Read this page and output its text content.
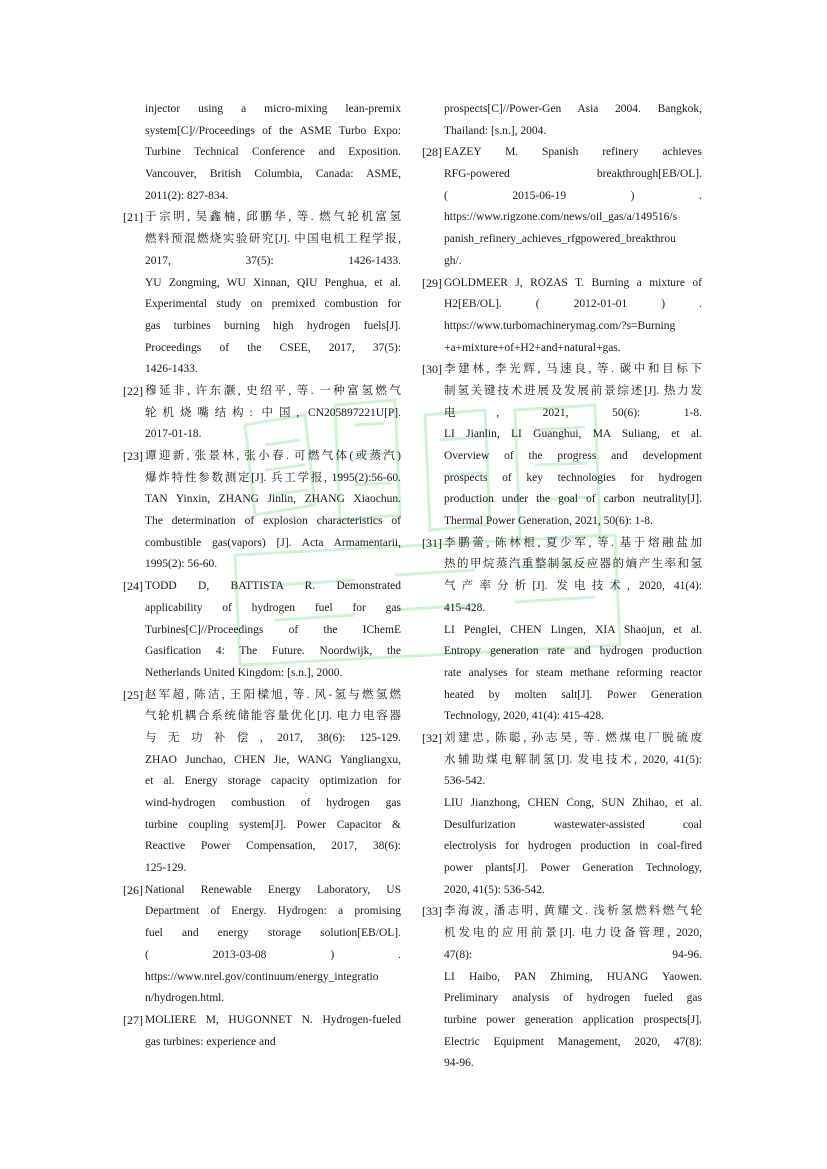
injector using a micro-mixing lean-premix
system[C]//Proceedings of the ASME Turbo Expo:
Turbine Technical Conference and Exposition.
Vancouver, British Columbia, Canada: ASME,
2011(2): 827-834.
[21] 于宗明, 吴鑫楠, 邱鹏华, 等. 燃气轮机富氢
燃料预混燃烧实验研究[J]. 中国电机工程学报,
2017, 37(5): 1426-1433.
YU Zongming, WU Xinnan, QIU Penghua, et al.
Experimental study on premixed combustion for
gas turbines burning high hydrogen fuels[J].
Proceedings of the CSEE, 2017, 37(5):
1426-1433.
[22] 穆延非, 许东灏, 史绍平, 等. 一种富氢燃气
轮机烧嘴结构: 中国, CN205897221U[P].
2017-01-18.
[23] 谭迎新, 张景林, 张小春. 可燃气体(或蒸汽)
爆炸特性参数测定[J]. 兵工学报, 1995(2):56-60.
TAN Yinxin, ZHANG Jinlin, ZHANG Xiaochun.
The determination of explosion characteristics of
combustible gas(vapors) [J]. Acta Armamentarii,
1995(2): 56-60.
[24] TODD D, BATTISTA R. Demonstrated
applicability of hydrogen fuel for gas
Turbines[C]//Proceedings of the IChemE
Gasification 4: The Future. Noordwijk, the
Netherlands United Kingdom: [s.n.], 2000.
[25] 赵军超, 陈洁, 王阳樑旭, 等. 风-氢与燃氢燃
气轮机耦合系统储能容量优化[J]. 电力电容器
与无功补偿, 2017, 38(6): 125-129.
ZHAO Junchao, CHEN Jie, WANG Yangliangxu,
et al. Energy storage capacity optimization for
wind-hydrogen combustion of hydrogen gas
turbine coupling system[J]. Power Capacitor &
Reactive Power Compensation, 2017, 38(6):
125-129.
[26] National Renewable Energy Laboratory, US
Department of Energy. Hydrogen: a promising
fuel and energy storage solution[EB/OL].
( 2013-03-08 ) .
https://www.nrel.gov/continuum/energy_integratio
n/hydrogen.html.
[27] MOLIERE M, HUGONNET N. Hydrogen-fueled
gas turbines: experience and
prospects[C]//Power-Gen Asia 2004. Bangkok,
Thailand: [s.n.], 2004.
[28] EAZEY M. Spanish refinery achieves
RFG-powered breakthrough[EB/OL].
( 2015-06-19 ) .
https://www.rigzone.com/news/oil_gas/a/149516/s
panish_refinery_achieves_rfgpowered_breakthrou
gh/.
[29] GOLDMEER J, ROZAS T. Burning a mixture of
H2[EB/OL]. ( 2012-01-01 ) .
https://www.turbomachinerymag.com/?s=Burning
+a+mixture+of+H2+and+natural+gas.
[30] 李建林, 李光辉, 马速良, 等. 碳中和目标下
制氢关键技术进展及发展前景综述[J]. 热力发
电, 2021, 50(6): 1-8.
LI Jianlin, LI Guanghui, MA Suliang, et al.
Overview of the progress and development
prospects of key technologies for hydrogen
production under the goal of carbon neutrality[J].
Thermal Power Generation, 2021, 50(6): 1-8.
[31] 李鹏蕾, 陈林根, 夏少军, 等. 基于熔融盐加
热的甲烷蒸汽重整制氢反应器的熵产生率和氢
气产率分析[J]. 发电技术, 2020, 41(4):
415-428.
LI Penglei, CHEN Lingen, XIA Shaojun, et al.
Entropy generation rate and hydrogen production
rate analyses for steam methane reforming reactor
heated by molten salt[J]. Power Generation
Technology, 2020, 41(4): 415-428.
[32] 刘建忠, 陈聪, 孙志昊, 等. 燃煤电厂脱硫废
水辅助煤电解制氢[J]. 发电技术, 2020, 41(5):
536-542.
LIU Jianzhong, CHEN Cong, SUN Zhihao, et al.
Desulfurization wastewater-assisted coal
electrolysis for hydrogen production in coal-fired
power plants[J]. Power Generation Technology,
2020, 41(5): 536-542.
[33] 李海波, 潘志明, 黄耀文. 浅析氢燃料燃气轮
机发电的应用前景[J]. 电力设备管理, 2020,
47(8): 94-96.
LI Haibo, PAN Zhiming, HUANG Yaowen.
Preliminary analysis of hydrogen fueled gas
turbine power generation application prospects[J].
Electric Equipment Management, 2020, 47(8):
94-96.
